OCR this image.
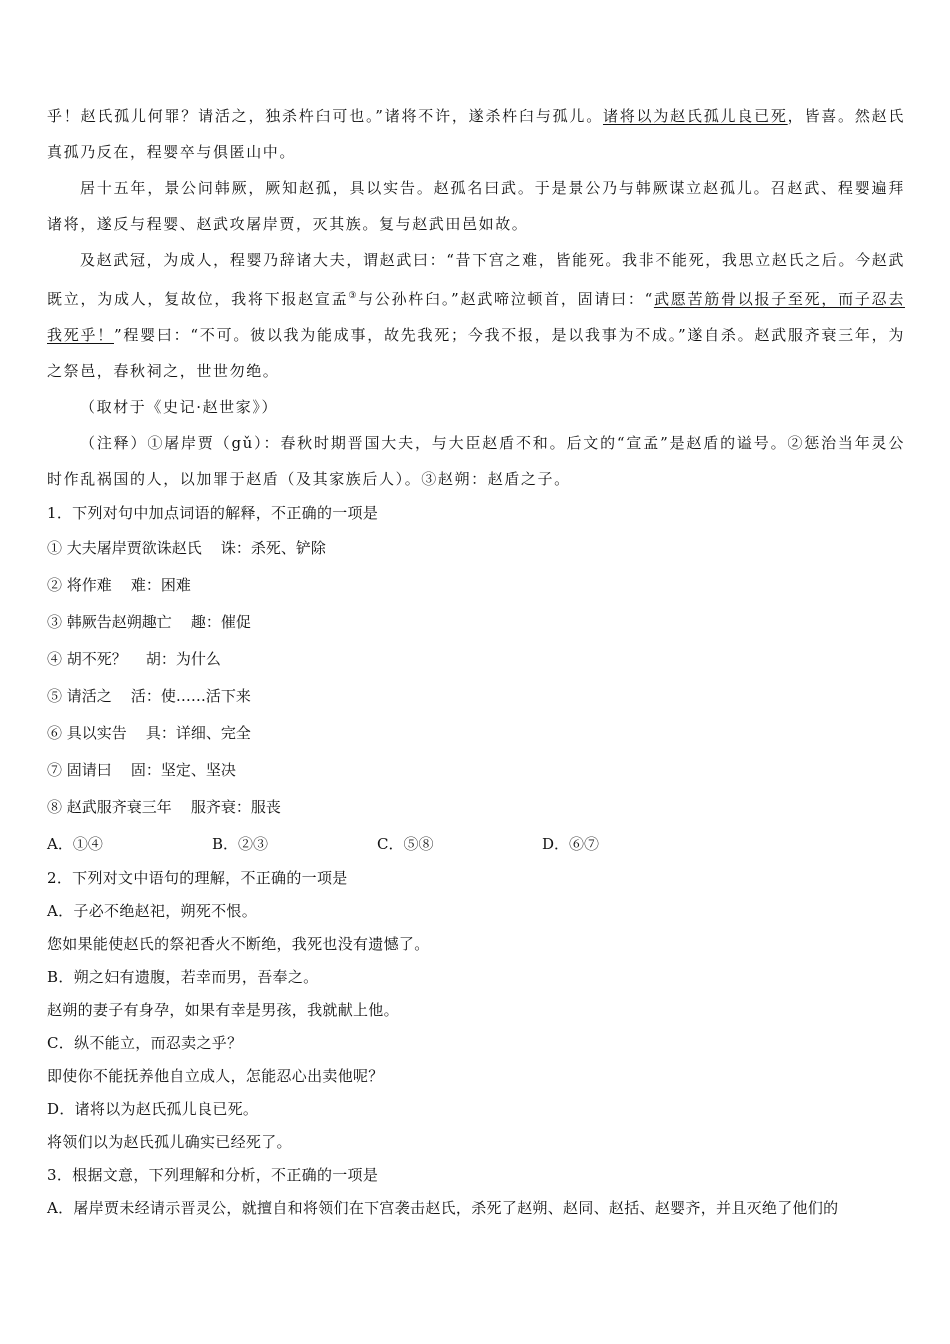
乎！赵氏孤儿何罪？请活之，独杀杵臼可也。”诸将不许，遂杀杵臼与孤儿。诸将以为赵氏孤儿良已死，皆喜。然赵氏真孤乃反在，程婴卒与俱匿山中。

居十五年，景公问韩厥，厥知赵孤，具以实告。赵孤名曰武。于是景公乃与韩厥谋立赵孤儿。召赵武、程婴遍拜诸将，遂反与程婴、赵武攻屠岸贾，灭其族。复与赵武田邑如故。

及赵武冠，为成人，程婴乃辞诸大夫，谓赵武曰：“昔下宫之难，皆能死。我非不能死，我思立赵氏之后。今赵武既立，为成人，复故位，我将下报赵宣孟③与公孙杵臼。”赵武啼泣顿首，固请曰：“武愿苦筋骨以报子至死，而子忍去我死乎！”程婴曰：“不可。彼以我为能成事，故先我死；今我不报，是以我事为不成。”遂自杀。赵武服齐衰三年，为之祭邑，春秋祠之，世世勿绝。

（取材于《史记·赵世家》）

（注释）①屠岸贾（gǔ）：春秋时期晋国大夫，与大臣赵盾不和。后文的“宣孟”是赵盾的谥号。②惩治当年灵公时作乱祸国的人，以加罪于赵盾（及其家族后人）。③赵朔：赵盾之子。

1．下列对句中加点词语的解释，不正确的一项是

① 大夫屠岸贾欲诛赵氏    诛：杀死、铲除

② 将作难    难：困难

③ 韩厥告赵朔趣亡    趣：催促

④ 胡不死？    胡：为什么

⑤ 请活之    活：使……活下来

⑥ 具以实告    具：详细、完全

⑦ 固请曰    固：坚定、坚决

⑧ 赵武服齐衰三年    服齐衰：服丧

A．①④	B．②③	C．⑤⑧	D．⑥⑦

2．下列对文中语句的理解，不正确的一项是

A．子必不绝赵祀，朔死不恨。

您如果能使赵氏的祭祀香火不断绝，我死也没有遗憾了。

B．朔之妇有遗腹，若幸而男，吾奉之。

赵朔的妻子有身孕，如果有幸是男孩，我就献上他。

C．纵不能立，而忍卖之乎？

即使你不能抚养他自立成人，怎能忍心出卖他呢？

D．诸将以为赵氏孤儿良已死。

将领们以为赵氏孤儿确实已经死了。

3．根据文意，下列理解和分析，不正确的一项是

A．屠岸贾未经请示晋灵公，就擅自和将领们在下宫袭击赵氏，杀死了赵朔、赵同、赵括、赵婴齐，并且灭绝了他们的
